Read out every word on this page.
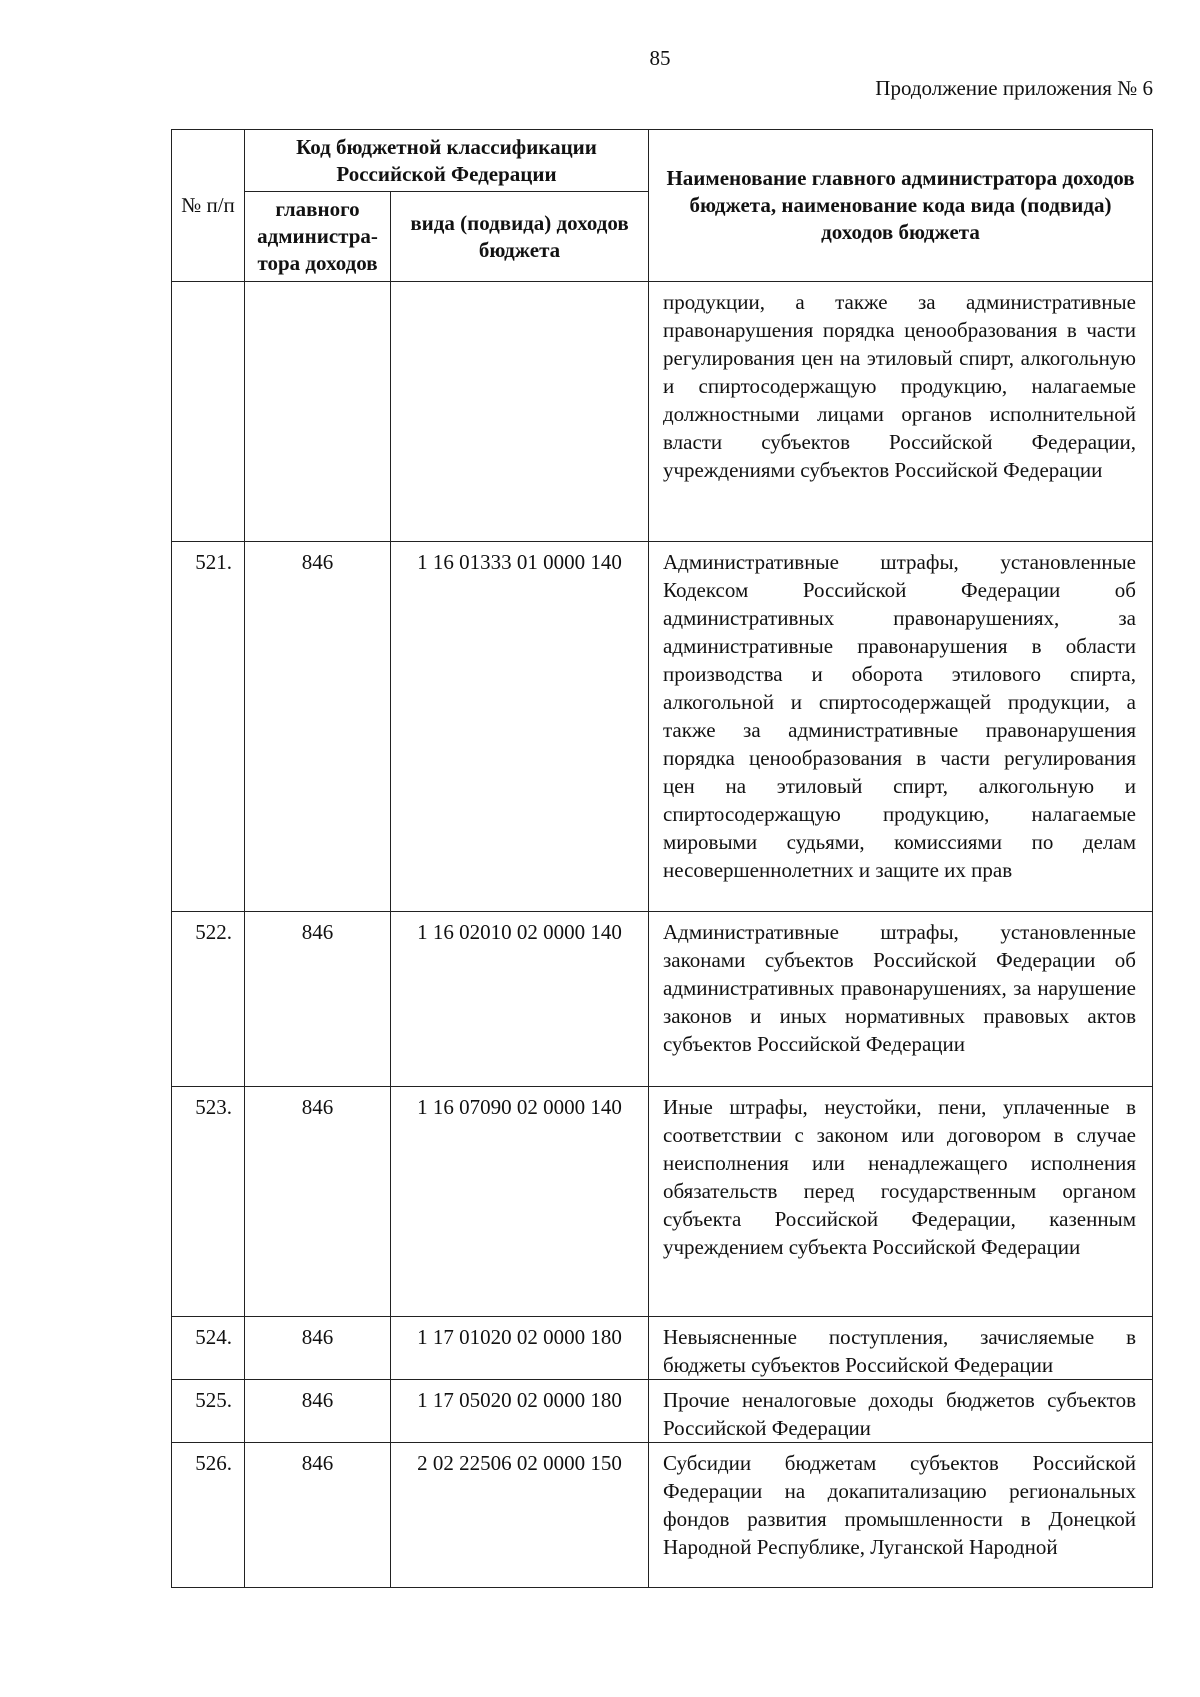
85
Продолжение приложения № 6
№ п/п	Код бюджетной классификации Российской Федерации		Наименование главного администратора доходов бюджета, наименование кода вида (подвида) доходов бюджета

	главного администра-тора доходов	вида (подвида) доходов бюджета	

			продукции, а также за административные правонарушения порядка ценообразования в части регулирования цен на этиловый спирт, алкогольную и спиртосодержащую продукцию, налагаемые должностными лицами органов исполнительной власти субъектов Российской Федерации, учреждениями субъектов Российской Федерации

521.	846	1 16 01333 01 0000 140	Административные штрафы, установленные Кодексом Российской Федерации об административных правонарушениях, за административные правонарушения в области производства и оборота этилового спирта, алкогольной и спиртосодержащей продукции, а также за административные правонарушения порядка ценообразования в части регулирования цен на этиловый спирт, алкогольную и спиртосодержащую продукцию, налагаемые мировыми судьями, комиссиями по делам несовершеннолетних и защите их прав

522.	846	1 16 02010 02 0000 140	Административные штрафы, установленные законами субъектов Российской Федерации об административных правонарушениях, за нарушение законов и иных нормативных правовых актов субъектов Российской Федерации

523.	846	1 16 07090 02 0000 140	Иные штрафы, неустойки, пени, уплаченные в соответствии с законом или договором в случае неисполнения или ненадлежащего исполнения обязательств перед государственным органом субъекта Российской Федерации, казенным учреждением субъекта Российской Федерации

524.	846	1 17 01020 02 0000 180	Невыясненные поступления, зачисляемые в бюджеты субъектов Российской Федерации

525.	846	1 17 05020 02 0000 180	Прочие неналоговые доходы бюджетов субъектов Российской Федерации

526.	846	2 02 22506 02 0000 150	Субсидии бюджетам субъектов Российской Федерации на докапитализацию региональных фондов развития промышленности в Донецкой Народной Республике, Луганской Народной
